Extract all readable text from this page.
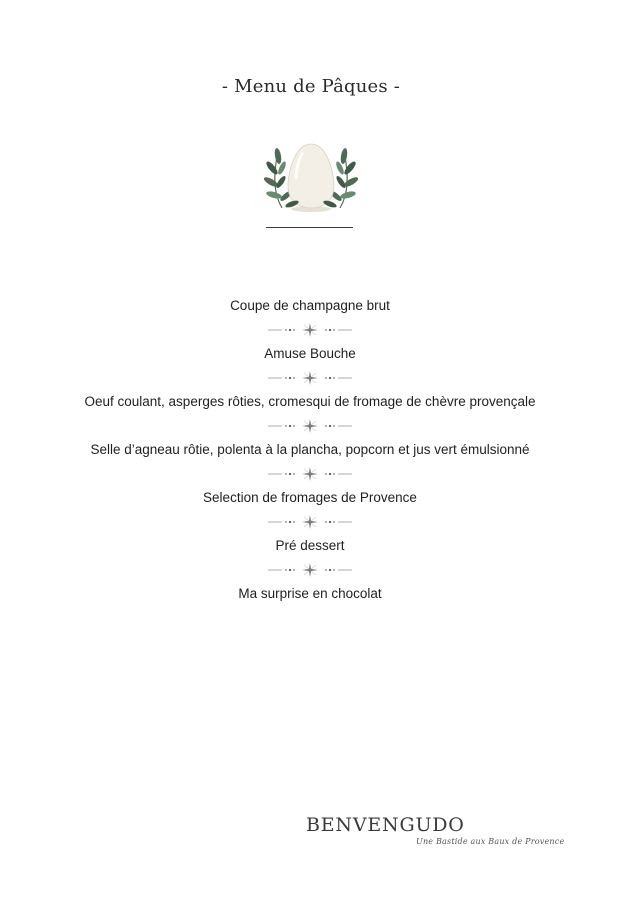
- Menu de Pâques -

Coupe de champagne brut

Amuse Bouche

Oeuf coulant, asperges rôties, cromesqui de fromage de chèvre provençale

Selle d’agneau rôtie, polenta à la plancha, popcorn et jus vert émulsionné

Selection de fromages de Provence

Pré dessert

Ma surprise en chocolat

BENVENGUDO
Une Bastide aux Baux de Provence
